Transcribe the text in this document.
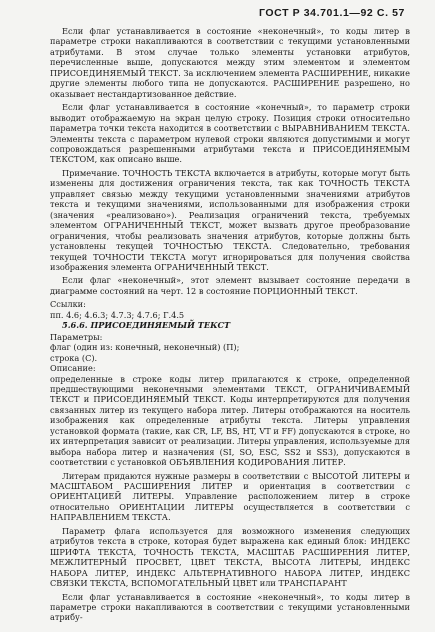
ГОСТ Р 34.701.1—92 С. 57

Если флаг устанавливается в состояние «неконечный», то коды литер в параметре строки накапливаются в соответствии с текущими установленными атрибутами. В этом случае только элементы установки атрибутов, перечисленные выше, допускаются между этим элементом и элементом ПРИСОЕДИНЯЕМЫЙ ТЕКСТ. За исключением элемента РАСШИРЕНИЕ, никакие другие элементы любого типа не допускаются. РАСШИРЕНИЕ разрешено, но оказывает нестандартизованное действие.

Если флаг устанавливается в состояние «конечный», то параметр строки выводит отображаемую на экран целую строку. Позиция строки относительно параметра точки текста находится в соответствии с ВЫРАВНИВАНИЕМ ТЕКСТА. Элементы текста с параметром нулевой строки являются допустимыми и могут сопровождаться разрешенными атрибутами текста и ПРИСОЕДИНЯЕМЫМ ТЕКСТОМ, как описано выше.

Примечание. ТОЧНОСТЬ ТЕКСТА включается в атрибуты, которые могут быть изменены для достижения ограничения текста, так как ТОЧНОСТЬ ТЕКСТА управляет связью между текущими установленными значениями атрибутов текста и текущими значениями, использованными для изображения строки (значения «реализовано»). Реализация ограничений текста, требуемых элементом ОГРАНИЧЕННЫЙ ТЕКСТ, может вызвать другое преобразование ограничения, чтобы реализовать значения атрибутов, которые должны быть установлены текущей ТОЧНОСТЬЮ ТЕКСТА. Следовательно, требования текущей ТОЧНОСТИ ТЕКСТА могут игнорироваться для получения свойства изображения элемента ОГРАНИЧЕННЫЙ ТЕКСТ.

Если флаг «неконечный», этот элемент вызывает состояние передачи в диаграмме состояний на черт. 12 в состояние ПОРЦИОННЫЙ ТЕКСТ.

Ссылки:

пп. 4.6; 4.6.3; 4.7.3; 4.7.6; Г.4.5

5.6.6. ПРИСОЕДИНЯЕМЫЙ ТЕКСТ

Параметры:

флаг (один из: конечный, неконечный) (П);

строка (С).

Описание:

определенные в строке коды литер прилагаются к строке, определенной предшествующими неконечными элементами ТЕКСТ, ОГРАНИЧИВАЕМЫЙ ТЕКСТ и ПРИСОЕДИНЯЕМЫЙ ТЕКСТ. Коды интерпретируются для получения связанных литер из текущего набора литер. Литеры отображаются на носитель изображения как определенные атрибуты текста. Литеры управления установкой формата (такие, как CR, LF, BS, HT, VT и FF) допускаются в строке, но их интерпретация зависит от реализации. Литеры управления, используемые для выбора набора литер и назначения (SI, SO, ESC, SS2 и SS3), допускаются в соответствии с установкой ОБЪЯВЛЕНИЯ КОДИРОВАНИЯ ЛИТЕР.

Литерам придаются нужные размеры в соответствии с ВЫСОТОЙ ЛИТЕРЫ и МАСШТАБОМ РАСШИРЕНИЯ ЛИТЕР и ориентация в соответствии с ОРИЕНТАЦИЕЙ ЛИТЕРЫ. Управление расположением литер в строке относительно ОРИЕНТАЦИИ ЛИТЕРЫ осуществляется в соответствии с НАПРАВЛЕНИЕМ ТЕКСТА.

Параметр флага используется для возможного изменения следующих атрибутов текста в строке, которая будет выражена как единый блок: ИНДЕКС ШРИФТА ТЕКСТА, ТОЧНОСТЬ ТЕКСТА, МАСШТАБ РАСШИРЕНИЯ ЛИТЕР, МЕЖЛИТЕРНЫЙ ПРОСВЕТ, ЦВЕТ ТЕКСТА, ВЫСОТА ЛИТЕРЫ, ИНДЕКС НАБОРА ЛИТЕР, ИНДЕКС АЛЬТЕРНАТИВНОГО НАБОРА ЛИТЕР, ИНДЕКС СВЯЗКИ ТЕКСТА, ВСПОМОГАТЕЛЬНЫЙ ЦВЕТ или ТРАНСПАРАНТ

Если флаг устанавливается в состояние «неконечный», то коды литер в параметре строки накапливаются в соответствии с текущими установленными атрибу-
